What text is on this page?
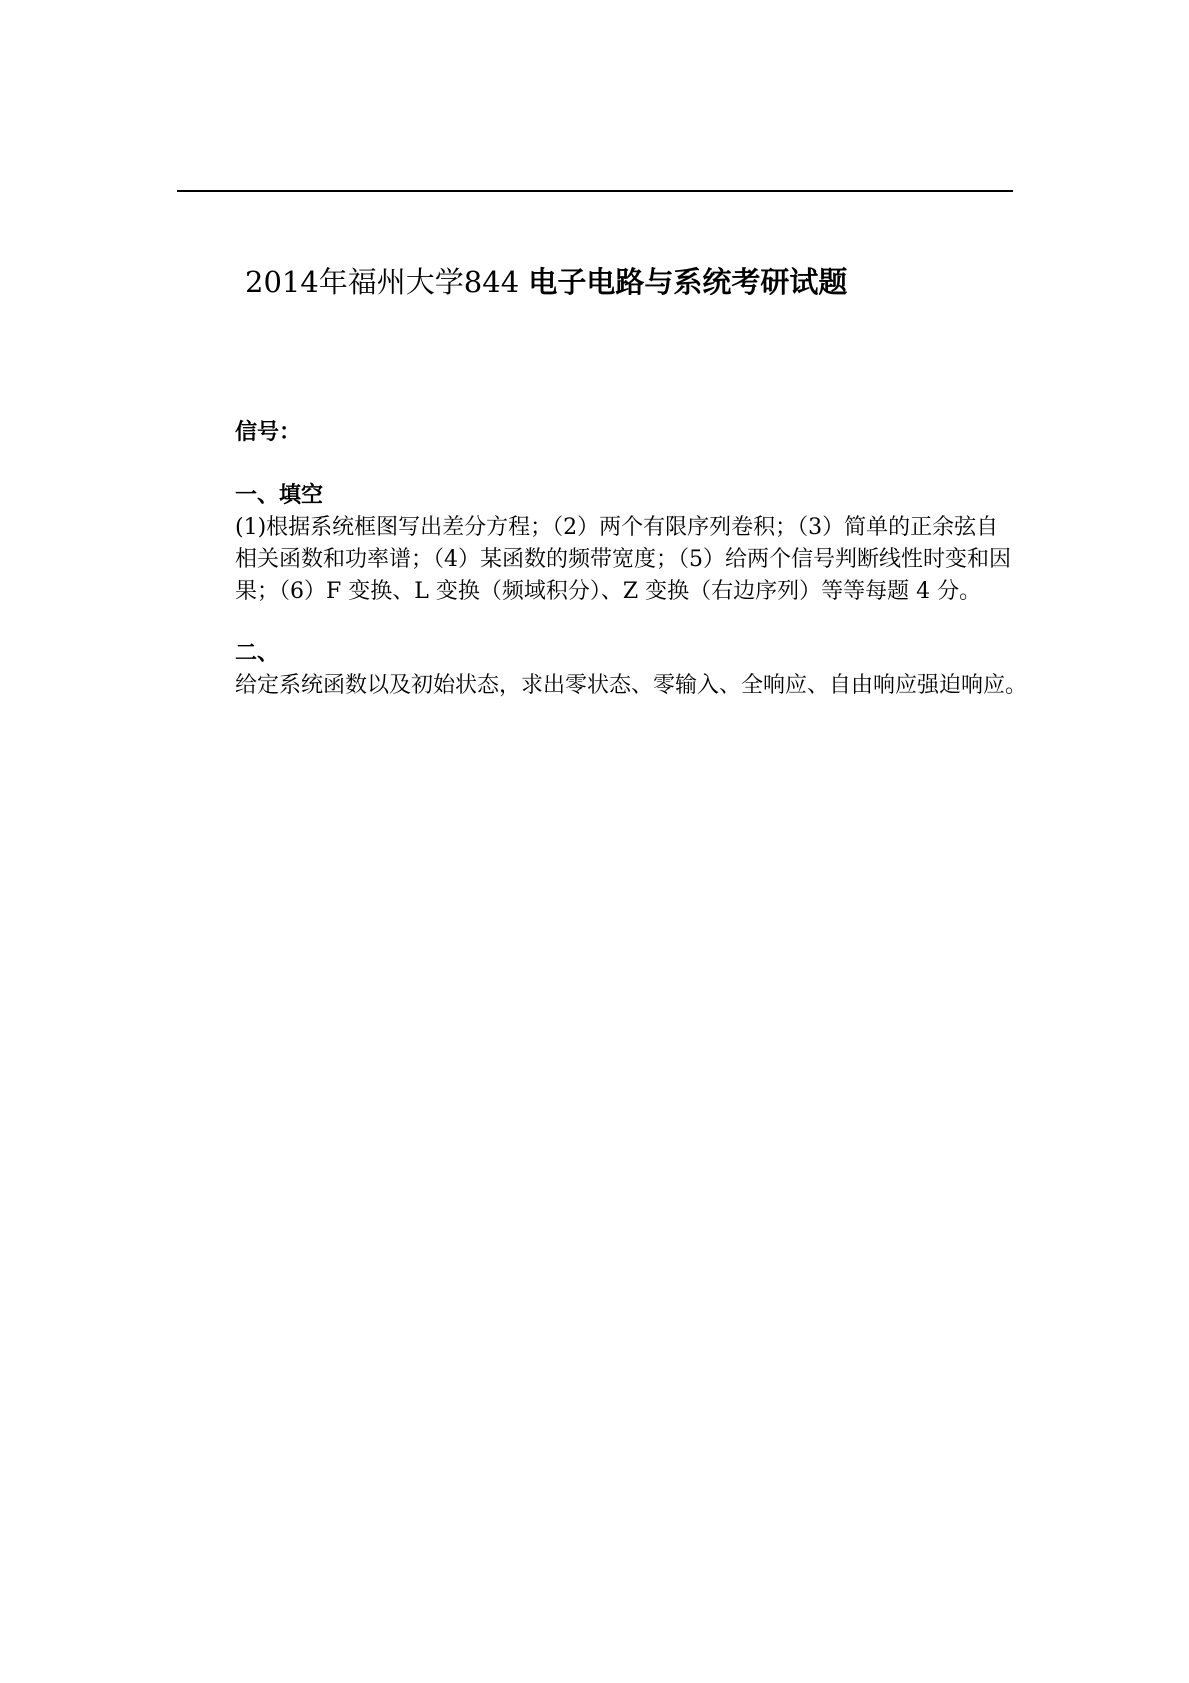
2014年福州大学844 电子电路与系统考研试题

信号：

一、填空

(1)根据系统框图写出差分方程；（2）两个有限序列卷积；（3）简单的正余弦自

相关函数和功率谱；（4）某函数的频带宽度；（5）给两个信号判断线性时变和因

果；（6）F 变换、L 变换（频域积分）、Z 变换（右边序列）等等每题 4 分。

二、

给定系统函数以及初始状态，求出零状态、零输入、全响应、自由响应强迫响应。
